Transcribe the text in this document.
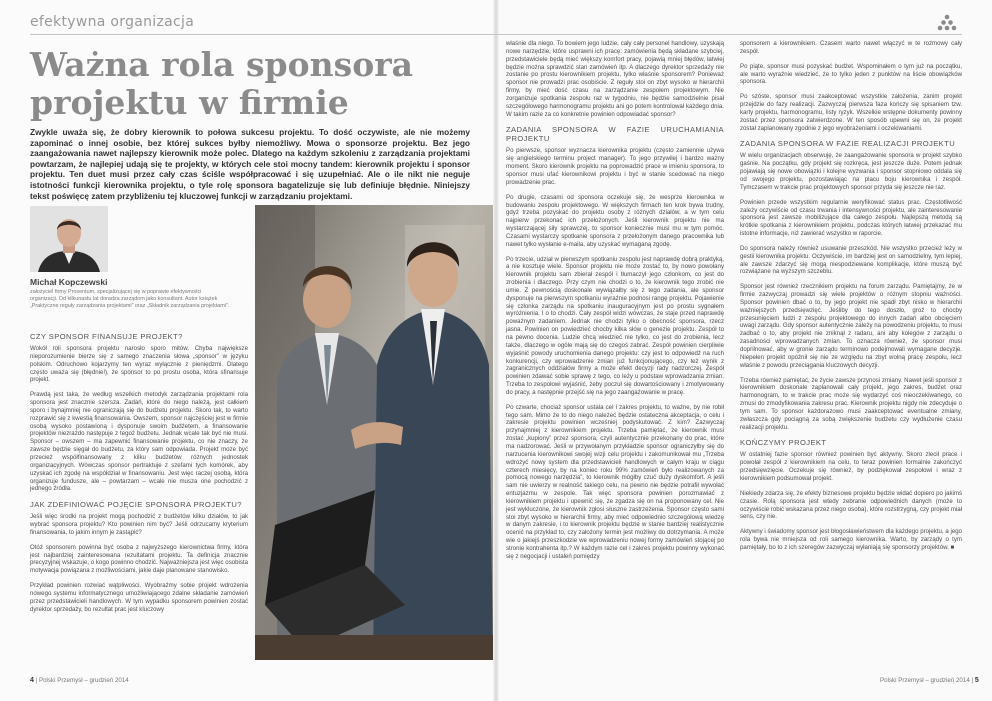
efektywna organizacja
Ważna rola sponsora
projektu w firmie

Zwykle uważa się, że dobry kierownik to połowa sukcesu projektu. To dość oczywiste, ale nie możemy zapominać o innej osobie, bez której sukces byłby niemożliwy. Mowa o sponsorze projektu. Bez jego zaangażowania nawet najlepszy kierownik może polec. Dlatego na każdym szkoleniu z zarządzania projektami powtarzam, że najlepiej udają się te projekty, w których cele stoi mocny tandem: kierownik projektu i sponsor projektu. Ten duet musi przez cały czas ściśle współpracować i się uzupełniać. Ale o ile nikt nie neguje istotności funkcji kierownika projektu, o tyle rolę sponsora bagatelizuje się lub definiuje błędnie. Niniejszy tekst poświęcę zatem przybliżeniu tej kluczowej funkcji w zarządzaniu projektami.

Michał Kopczewski
założyciel firmy Prosentum, specjalizującej się w poprawie efektywności organizacji. Od kilkunastu lat doradza zarządom jako konsultant. Autor książek „Praktyczne reguły zarządzania projektami” oraz „Składnik zarządzania projektami”.
CZY SPONSOR FINANSUJE PROJEKT?

Wokół roli sponsora projektu narosło sporo mitów. Chyba największe nieporozumienie bierze się z samego znaczenia słowa „sponsor” w języku polskim. Odruchowo kojarzymy ten wyraz wyłącznie z pieniędzmi. Dlatego często uważa się (błędnie!), że sponsor to po prostu osoba, która sfinansuje projekt.

Prawdą jest taka, że według wszelkich metodyk zarządzania projektami rola sponsora jest znacznie szersza. Zadań, które do niego należą, jest całkiem sporo i bynajmniej nie ograniczają się do budżetu projektu. Skoro tak, to warto rozprawić się z kwestią finansowania. Owszem, sponsor najczęściej jest w firmie osobą wysoko postawioną i dysponuje swoim budżetem, a finansowanie projektów niezrażdo następuje z tegoż budżetu. Jednak wcale tak być nie musi. Sponsor – owszem – ma zapewnić finansowanie projektu, co nie znaczy, że zawsze będzie sięgał do budżetu, za który sam odpowiada. Projekt może być przecież współfinansowany z kilku budżetów różnych jednostek organizacyjnych. Wówczas sponsor pertraktuje z szefami tych komórek, aby uzyskać ich zgodę na współdział w finansowaniu. Jest więc raczej osobą, która organizuje fundusze, ale – powtarzam – wcale nie musza one pochodzić z jednego źródła.

JAK ZDEFINIOWAĆ POJĘCIE SPONSORA PROJEKTU?

Jeśli więc środki na projekt mogą pochodzić z budżetów kilku działów, to jak wybrać sponsora projektu? Kto powinien nim być? Jeśli odrzucamy kryterium finansowania, to jakim innym je zastąpić?

Otóż sponsorem powinna być osoba z najwyższego kierownictwa firmy, która jest najbardziej zainteresowana rezultatami projektu. Ta definicja znacznie precyzyjnej wskazuje, o kogo powinno chodzić. Najważniejsza jest więc osobista motywacja powiązana z możliwościami, jakie daje planowane stanowisko.

Przykład powinien rozwiać wątpliwości. Wyobraźmy sobie projekt wdrożenia nowego systemu informatycznego umożliwiającego zdalne składanie zamówień przez przedstawicieli handlowych. W tym wypadku sponsorem powinien zostać dyrektor sprzedaży, bo rezultat prac jest kluczowy

właśnie dla niego. To bowiem jego ludzie, cały cały personel handlowy, uzyskają nowe narzędzie, które usprawni ich pracę: zamówienia będą składane szybciej, przedstawiciele będą mieć większy komfort pracy, pojawią mniej błędów, łatwiej będzie można sprawdzić stan zamówień itp. A dlaczego dyrektor sprzedaży nie zostanie po prostu kierownikiem projektu, tylko właśnie sponsorem? Ponieważ sponsor nie prowadzi prac osobiście. Z reguły stoi on zbyt wysoko w hierarchii firmy, by mieć dość czasu na zarządzanie zespołem projektowym. Nie zorganizuje spotkania zespołu raz w tygodniu, nie będzie samodzielnie pisał szczegółowego harmonogramu projektu ani go potem kontrolował każdego dnia. W takim razie za co konkretnie powinien odpowiadać sponsor?

ZADANIA SPONSORA W FAZIE URUCHAMIANIA PROJEKTU

Po pierwsze, sponsor wyznacza kierownika projektu (często zamiennie używa się angielskiego terminu project manager). To jego przywilej i bardzo ważny moment. Skoro kierownik projektu na poprowadzić prace w imieniu sponsora, to sponsor musi ufać kierownikowi projektu i być w stanie scedować na niego prowadzenie prac.

Po drugie, czasami od sponsora oczekuje się, że wesprze kierownika w budowaniu zespołu projektowego. W większych firmach ten krok bywa trudny, gdyż trzeba pozyskać do projektu osoby z różnych działów, a w tym celu najpierw przekonać ich przełożonych. Jeśli kierownik projektu nie ma wystarczającej siły sprawczej, to sponsor koniecznie musi mu w tym pomóc. Czasami wystarczy spotkanie sponsora z przełożonym danego pracownika lub nawet tylko wysłanie e-maila, aby uzyskać wymaganą zgodę.

Po trzecie, udział w pierwszym spotkaniu zespołu jest naprawdę dobrą praktyką, a nie kosztuje wiele. Sponsor projektu nie może zostać to, by nowo powołany kierownik projektu sam zbierał zespół i tłumaczył jego członkom, co jest do zrobienia i dlaczego. Przy czym nie chodzi o to, że kierownik tego zrobić nie umie. Z pewnością doskonale wywiązałby się z tego zadania, ale sponsor dysponuje na pierwszym spotkaniu wyraźnie podnosi rangę projektu. Pojawienie się członka zarządu na spotkaniu inauguracyjnym jest po prostu sygnałem wyróżnienia. I o to chodzi. Cały zespół widzi wówczas, że staje przed naprawdę poważnym zadaniem. Jednak nie chodzi tylko o obecność sponsora, rzecz jasna. Powinien on powiedzieć chocby kilka słów o genezie projektu. Zespół to na pewno docenia. Ludzie chcą wiedzieć nie tylko, co jest do zrobienia, lecz także, dlaczego w ogóle mają się do czegoś zabrać. Zespół powinien cierpliwie wyjaśnić powody uruchomienia danego projektu: czy jest to odpowiedź na ruch konkurencji, czy wprowadzenie zmian już funkcjonującego, czy też wynik z zagranicznych oddziałów firmy a może efekt decyzji rady nadzorczej. Zespół powinien zdawać sobie sprawę z tego, co leży u podstaw wprowadzania zmian. Trzeba to zespołowi wyjaśnić, żeby poczuł się dowartościowany i zmotywowany do pracy, a następnie przejść się na jego zaangażowanie w pracę.

Po czwarte, chociaż sponsor ustala cel i zakres projektu, to ważne, by nie robił tego sam. Mimo że to do niego należeć będzie ostateczna akceptacja, o celu i zakresie projektu powinien wcześniej podyskutować. Z kim? Zazwyczaj przynajmniej z kierownikiem projektu. Trzeba pamiętać, że kierownik musi zostać „kupiony” przez sponsora, czyli autentycznie przekonany do prac, które ma nadzorować. Jeśli w przywołanym przykładzie sponsor ograniczyłby się do narzucenia kierownikowi swojej wizji celu projektu i zakomunikował mu „Trzeba wdrożyć nowy system dla przedstawicieli handlowych w całym kraju w ciągu czterech miesięcy, by na koniec roku 99% zamówień było realizowanych za pomocą nowego narzędzia”, to kierownik mógłby czuć duży dyskomfort. A jeśli sam nie uwierzy w realność takiego celu, na pewno nie będzie potrafił wywołać entuzjazmu w zespole. Tak więc sponsora powinien porozmawiać z kierownikiem projektu i upewnić się, że zgadza się on na proponowany cel. Nie jest wykluczone, że kierownik zgłosi słuszne zastrzeżenia. Sponsor często sami stoi zbyt wysoko w hierarchii firmy, aby mieć odpowiednio szczegółową wiedzę w danym zakresie, i to kierownik projektu będzie w stanie bardziej realistycznie ocenić na przykład to, czy założony termin jest możliwy do dotrzymania. A może wie o jakiejś przeszkodzie we wprowadzeniu nowej formy zamówień stojącej po stronie kontrahenta itp.? W każdym razie cel i zakres projektu powinny wykonać się z negocjacji i ustaleń pomiędzy

sponsorem a kierownikiem. Czasem warto nawet włączyć w te rozmowy cały zespół.

Po piąte, sponsor musi pozyskać budżet. Wspominałem o tym już na początku, ale warto wyraźnie wiedzieć, że to tylko jeden z punktów na liście obowiązków sponsora.

Po szóste, sponsor musi zaakceptować wszystkie założenia, zanim projekt przejdzie do fazy realizacji. Zazwyczaj pierwsza faza kończy się spisaniem tzw. karty projektu, harmonogramu, listy ryzyk. Wszelkie wstępne dokumenty powinny zostać przez sponsora zatwierdzone. W ten sposób upewni się on, że projekt został zaplanowany zgodnie z jego wyobrażeniami i oczekiwaniami.

ZADANIA SPONSORA W FAZIE REALIZACJI PROJEKTU

W wielu organizacjach obserwuję, że zaangażowanie sponsora w projekt szybko gaśnie. Na początku, gdy projekt się rozkręca, jest jeszcze duże. Potem jednak pojawiają się nowe obowiązki i kolejne wyzwania i sponsor stopniowo oddala się od swojego projektu, pozostawiając na placu boju kierownika i zespół. Tymczasem w trakcie prac projektowych sponsor przyda się jeszcze nie raz.

Powinien przede wszystkim regularnie weryfikować status prac. Częstotliwość zależy oczywiście od czasu trwania i intensywności projektu, ale zainteresowanie sponsora jest zawsze mobilizujące dla całego zespołu. Najlepszą metodą są krótkie spotkania z kierownikiem projektu, podczas których łatwiej przekazać mu istotne informacje, niż zawierać wszystko w raporcie.

Do sponsora należy również usuwanie przeszkód. Nie wszystko przecież leży w gestii kierownika projektu. Oczywiście, im bardziej jest on samodzielny, tym lepiej, ale zawsze zdarzyć się mogą niespodziewane komplikacje, które muszą być rozwiązane na wyższym szczeblu.

Sponsor jest również rzecznikiem projektu na forum zarządu. Pamiętajmy, że w firmie zazwyczaj prowadzi się wiele projektów o różnym stopniu ważności. Sponsor powinien dbać o to, by jego projekt nie spadł zbyt nisko w hierarchii ważniejszych przedsięwzięć. Jeśliby do tego doszło, groź to chocby przesunięciem ludzi z zespołu projektowego do innych zadań albo obcięciem uwagi zarządu. Gdy sponsor autentycznie zależy na powodzeniu projektu, to musi zadbać o to, aby projekt nie zniknął z radaru, ani aby kolegów z zarządu o zasadności wprowadzanych zmian. To oznacza również, że sponsor musi doprilnować, aby w gronie zarządu terminowo podejmowali wymagane decyzje. Niepełen projekt opóźnił się nie ze względu na zbyt wolną pracę zespołu, lecz właśnie z powodu przeciągania kluczowych decyzji.

Trzeba również pamiętać, że życie zawsze przynosi zmiany. Nawet jeśli sponsor z kierownikiem doskonale zaplanowali cały projekt, jego zakres, budżet oraz harmonogram, to w trakcie prac może się wydarzyć coś nieoczekiwanego, co zmusi do zmodyfikowania zakresu prac. Kierownik projektu nigdy nie zdecyduje o tym sam. To sponsor każdorazowo musi zaakceptować eventualne zmiany, zwłaszcza gdy pociągną za sobą zwiększenie budżetu czy wydłużenie czasu realizacji projektu.

KOŃCZYMY PROJEKT

W ostatniej fazie sponsor również powinien być aktywny. Skoro zlecił prace i powołał zespół z kierownikiem na celu, to teraz powinien formalnie zakończyć przedsięwzięcie. Oczekuje się również, by podziękował zespołowi i wraz z kierownikiem podsumował projekt.

Niekiedy zdarza się, że efekty biznesowe projektu będzie widać dopiero po jakimś czasie. Rolą sponsora jest wtedy zebranie odpowiednich danych (może to oczywiście robić wskazana przez niego osoba), które rozstrzygną, czy projekt miał sens, czy nie.

Aktywny i świadomy sponsor jest błogosławieństwem dla każdego projektu, a jego rola bywa nie mniejsza od roli samego kierownika. Warto, by zarządy o tym pamiętały, bo to z ich szeregów zazwyczaj wyłaniają się sponsorzy projektów. ■

4 | Polski Przemysł – grudzień 2014	Polski Przemysł – grudzień 2014 | 5
